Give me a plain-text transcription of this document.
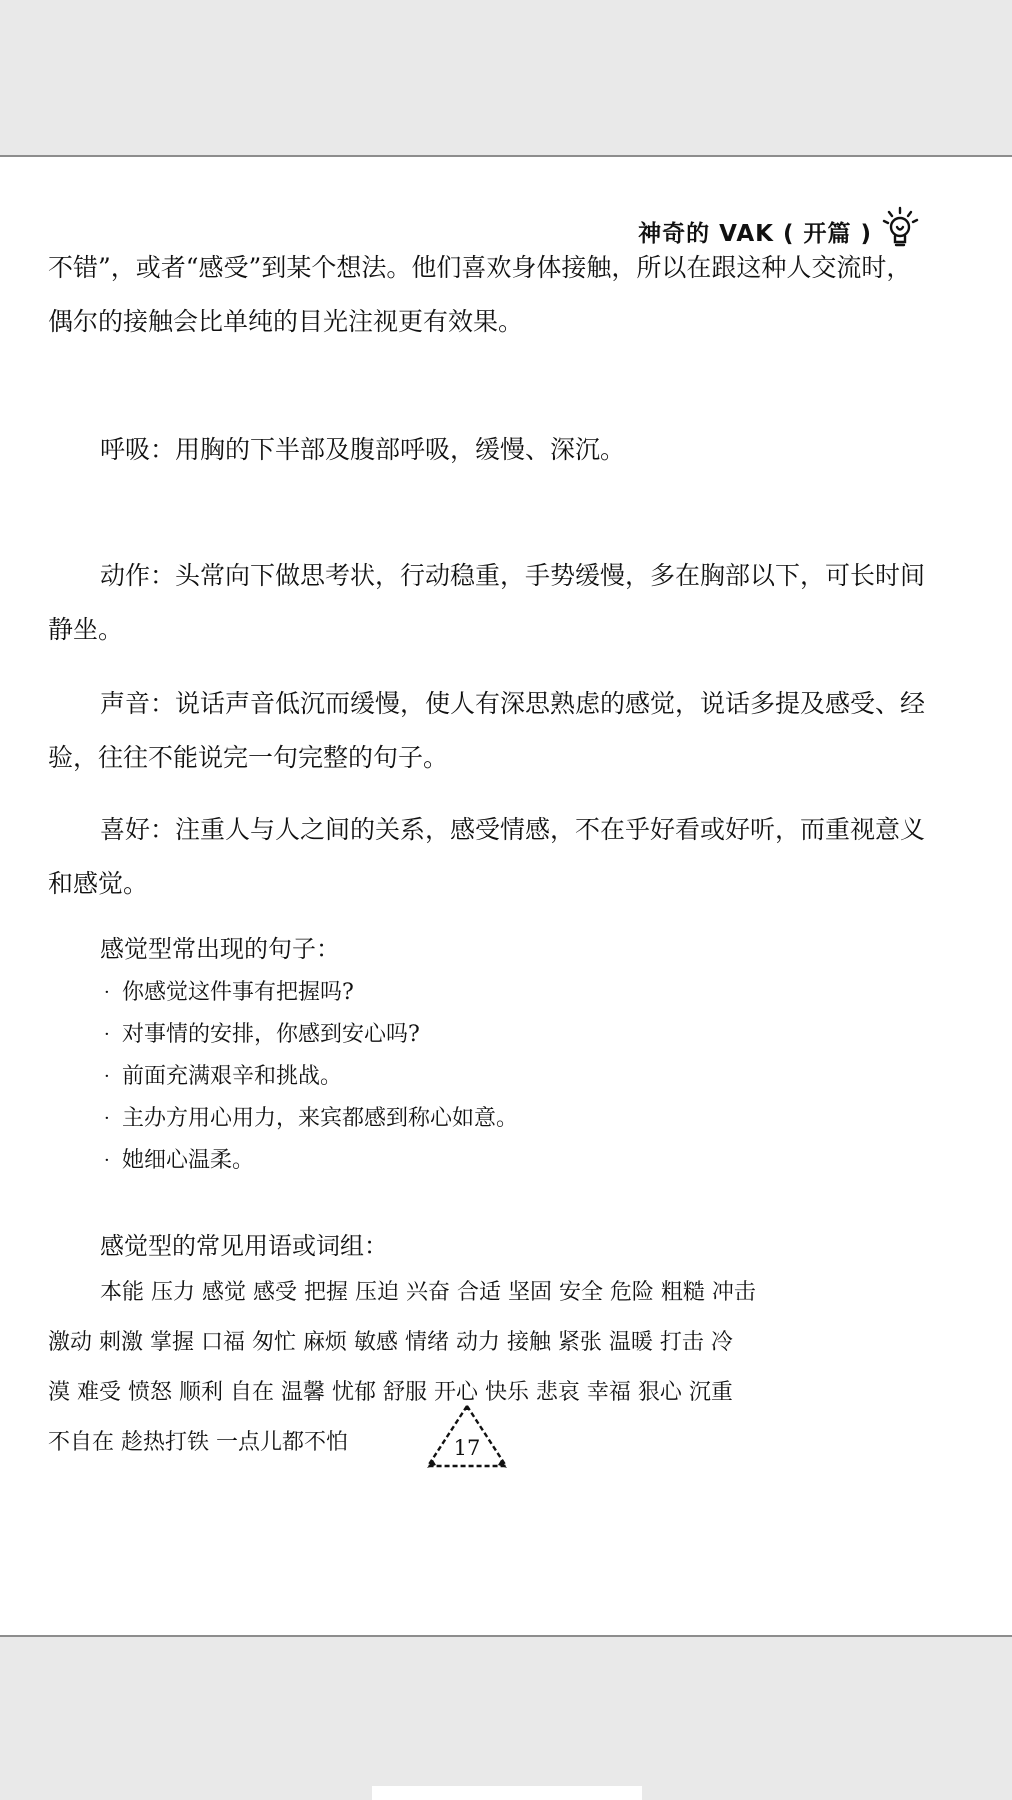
神奇的 VAK ( 开篇 )

不错”，或者“感受”到某个想法。他们喜欢身体接触，所以在跟这种人交流时，
偶尔的接触会比单纯的目光注视更有效果。

呼吸：用胸的下半部及腹部呼吸，缓慢、深沉。

动作：头常向下做思考状，行动稳重，手势缓慢，多在胸部以下，可长时间
静坐。

声音：说话声音低沉而缓慢，使人有深思熟虑的感觉，说话多提及感受、经
验，往往不能说完一句完整的句子。

喜好：注重人与人之间的关系，感受情感，不在乎好看或好听，而重视意义
和感觉。

感觉型常出现的句子：

· 你感觉这件事有把握吗?
· 对事情的安排，你感到安心吗?
· 前面充满艰辛和挑战。
· 主办方用心用力，来宾都感到称心如意。
· 她细心温柔。

感觉型的常见用语或词组：

本能 压力 感觉 感受 把握 压迫 兴奋 合适 坚固 安全 危险 粗糙 冲击
激动 刺激 掌握 口福 匆忙 麻烦 敏感 情绪 动力 接触 紧张 温暖 打击 冷
漠 难受 愤怒 顺利 自在 温馨 忧郁 舒服 开心 快乐 悲哀 幸福 狠心 沉重
不自在 趁热打铁 一点儿都不怕	17
